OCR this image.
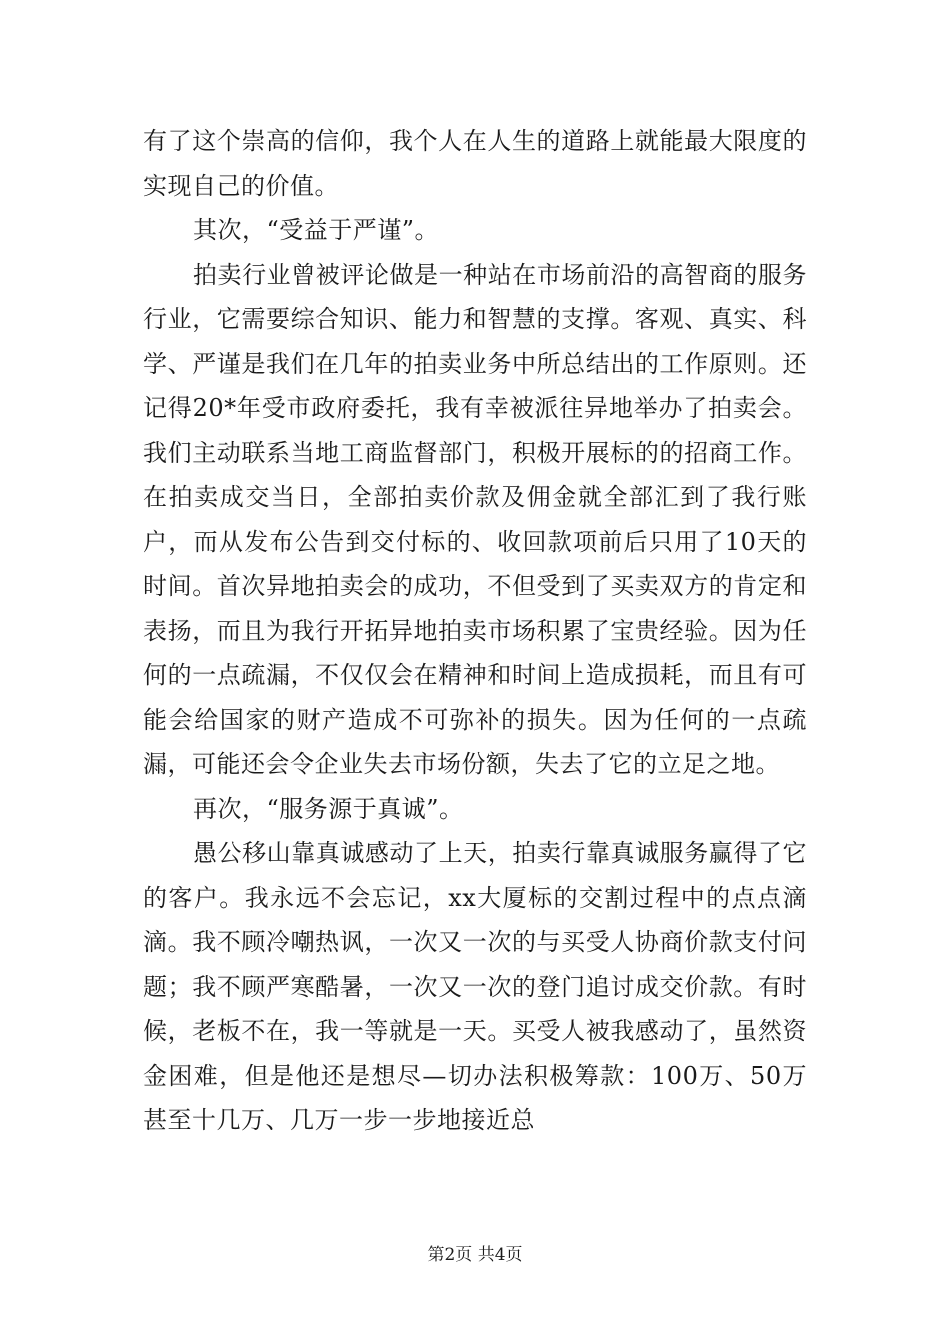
有了这个崇高的信仰，我个人在人生的道路上就能最大限度的实现自己的价值。

其次，“受益于严谨”。

拍卖行业曾被评论做是一种站在市场前沿的高智商的服务行业，它需要综合知识、能力和智慧的支撑。客观、真实、科学、严谨是我们在几年的拍卖业务中所总结出的工作原则。还记得20*年受市政府委托，我有幸被派往异地举办了拍卖会。我们主动联系当地工商监督部门，积极开展标的的招商工作。在拍卖成交当日，全部拍卖价款及佣金就全部汇到了我行账户，而从发布公告到交付标的、收回款项前后只用了10天的时间。首次异地拍卖会的成功，不但受到了买卖双方的肯定和表扬，而且为我行开拓异地拍卖市场积累了宝贵经验。因为任何的一点疏漏，不仅仅会在精神和时间上造成损耗，而且有可能会给国家的财产造成不可弥补的损失。因为任何的一点疏漏，可能还会令企业失去市场份额，失去了它的立足之地。

再次，“服务源于真诚”。

愚公移山靠真诚感动了上天，拍卖行靠真诚服务赢得了它的客户。我永远不会忘记，xx大厦标的交割过程中的点点滴滴。我不顾冷嘲热讽，一次又一次的与买受人协商价款支付问题；我不顾严寒酷暑，一次又一次的登门追讨成交价款。有时候，老板不在，我一等就是一天。买受人被我感动了，虽然资金困难，但是他还是想尽—切办法积极筹款：100万、50万甚至十几万、几万一步一步地接近总

第2页 共4页
